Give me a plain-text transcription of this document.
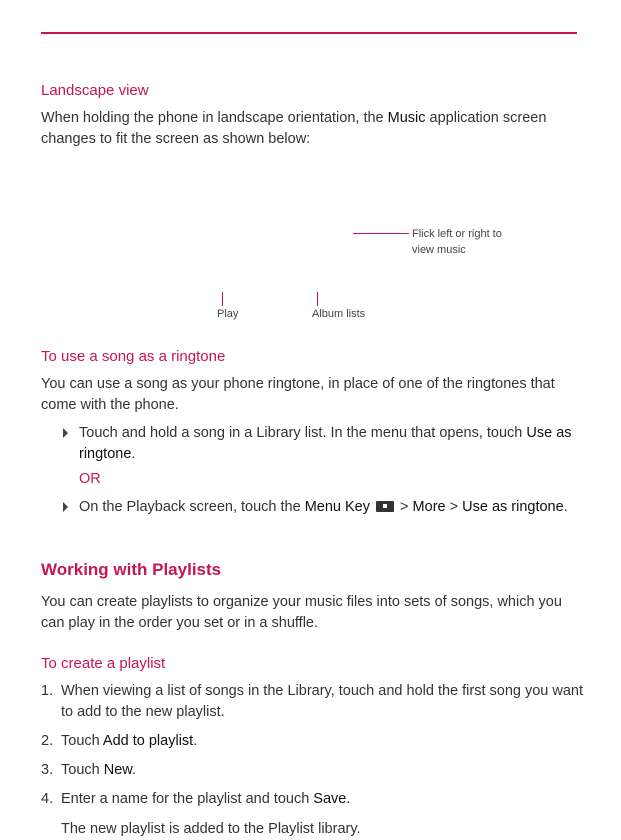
Landscape view

When holding the phone in landscape orientation, the Music application screen changes to fit the screen as shown below:

Flick left or right to
view music
Play	Album lists
To use a song as a ringtone

You can use a song as your phone ringtone, in place of one of the ringtones that come with the phone.

Touch and hold a song in a Library list. In the menu that opens, touch Use as ringtone.
OR
On the Playback screen, touch the Menu Key  > More > Use as ringtone.
Working with Playlists

You can create playlists to organize your music files into sets of songs, which you can play in the order you set or in a shuffle.

To create a playlist
1. When viewing a list of songs in the Library, touch and hold the first song you want to add to the new playlist.
2. Touch Add to playlist.
3. Touch New.
4. Enter a name for the playlist and touch Save.
The new playlist is added to the Playlist library.
